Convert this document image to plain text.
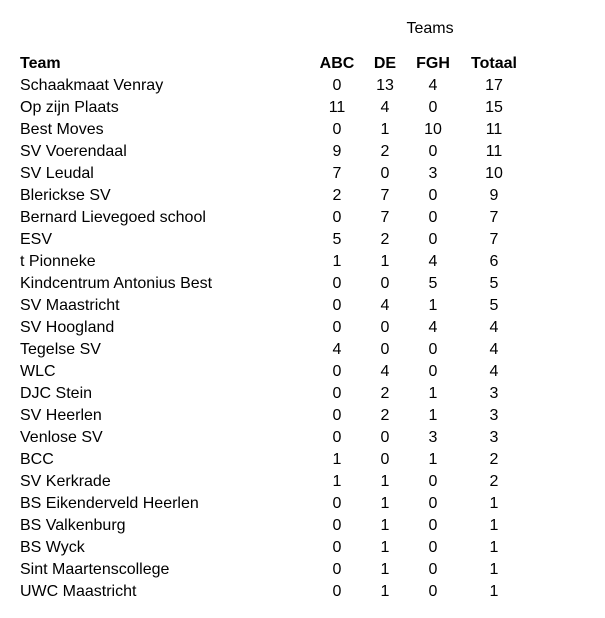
Teams
Team	ABC	DE	FGH	Totaal
Schaakmaat Venray	0	13	4	17
Op zijn Plaats	11	4	0	15
Best Moves	0	1	10	11
SV Voerendaal	9	2	0	11
SV Leudal	7	0	3	10
Blerickse SV	2	7	0	9
Bernard Lievegoed school	0	7	0	7
ESV	5	2	0	7
t Pionneke	1	1	4	6
Kindcentrum Antonius Best	0	0	5	5
SV Maastricht	0	4	1	5
SV Hoogland	0	0	4	4
Tegelse SV	4	0	0	4
WLC	0	4	0	4
DJC Stein	0	2	1	3
SV Heerlen	0	2	1	3
Venlose SV	0	0	3	3
BCC	1	0	1	2
SV Kerkrade	1	1	0	2
BS Eikenderveld Heerlen	0	1	0	1
BS Valkenburg	0	1	0	1
BS Wyck	0	1	0	1
Sint Maartenscollege	0	1	0	1
UWC Maastricht	0	1	0	1
